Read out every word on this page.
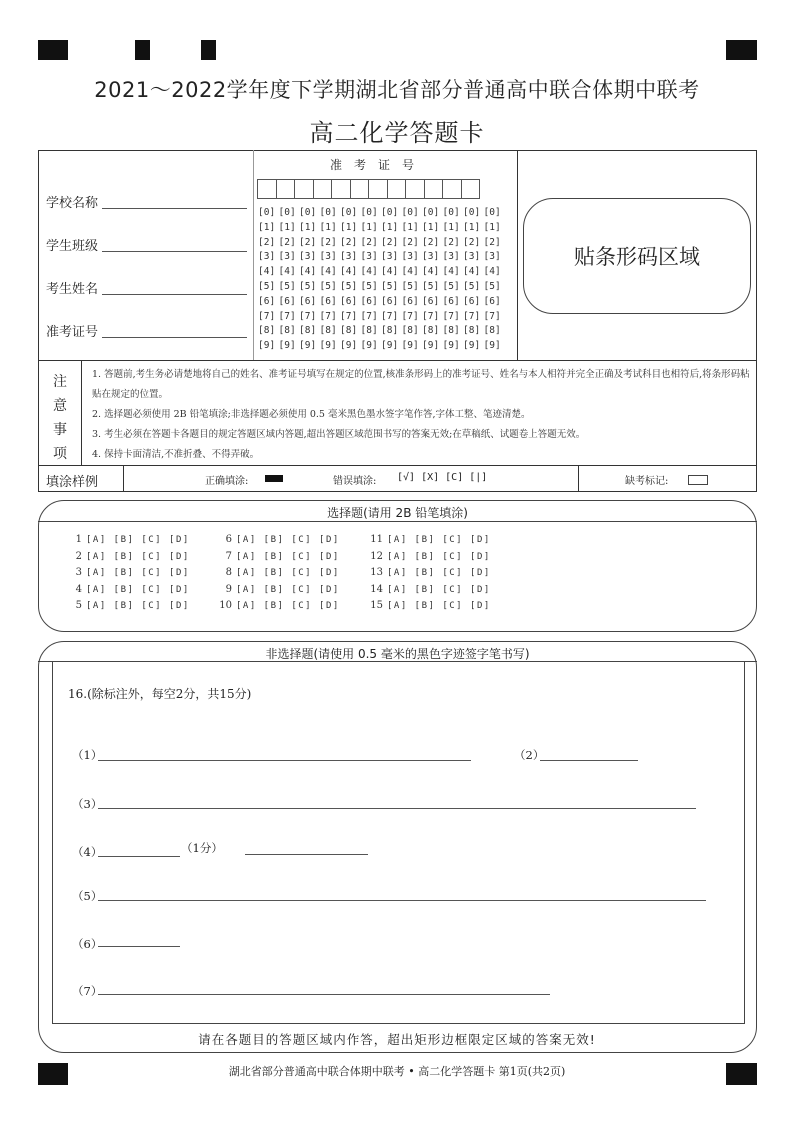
2021～2022学年度下学期湖北省部分普通高中联合体期中联考
高二化学答题卡
学校名称
学生班级
考生姓名
准考证号
准　考　证　号
[0] [0] [0] [0] [0] [0] [0] [0] [0] [0] [0] [0]
[1] [1] [1] [1] [1] [1] [1] [1] [1] [1] [1] [1]
[2] [2] [2] [2] [2] [2] [2] [2] [2] [2] [2] [2]
[3] [3] [3] [3] [3] [3] [3] [3] [3] [3] [3] [3]
[4] [4] [4] [4] [4] [4] [4] [4] [4] [4] [4] [4]
[5] [5] [5] [5] [5] [5] [5] [5] [5] [5] [5] [5]
[6] [6] [6] [6] [6] [6] [6] [6] [6] [6] [6] [6]
[7] [7] [7] [7] [7] [7] [7] [7] [7] [7] [7] [7]
[8] [8] [8] [8] [8] [8] [8] [8] [8] [8] [8] [8]
[9] [9] [9] [9] [9] [9] [9] [9] [9] [9] [9] [9]
贴条形码区域
注
意
事
项
1. 答题前,考生务必请楚地将自己的姓名、准考证号填写在规定的位置,核准条形码上的准考证号、姓名与本人相符并完全正确及考试科目也相符后,将条形码粘贴在规定的位置。
2. 选择题必须使用 2B 铅笔填涂;非选择题必须使用 0.5 毫米黑色墨水签字笔作答,字体工整、笔迹清楚。
3. 考生必须在答题卡各题目的规定答题区域内答题,超出答题区域范围书写的答案无效;在草稿纸、试题卷上答题无效。
4. 保持卡面清洁,不准折叠、不得弄破。
填涂样例	正确填涂:	错误填涂: [√] [X] [C] [|]	缺考标记:
选择题(请用 2B 铅笔填涂)
1 [A] [B] [C] [D]
2 [A] [B] [C] [D]
3 [A] [B] [C] [D]
4 [A] [B] [C] [D]
5 [A] [B] [C] [D]
6 [A] [B] [C] [D]
7 [A] [B] [C] [D]
8 [A] [B] [C] [D]
9 [A] [B] [C] [D]
10 [A] [B] [C] [D]
11 [A] [B] [C] [D]
12 [A] [B] [C] [D]
13 [A] [B] [C] [D]
14 [A] [B] [C] [D]
15 [A] [B] [C] [D]
非选择题(请使用 0.5 毫米的黑色字迹签字笔书写)
16.(除标注外，每空2分，共15分)
（1）	（2）
（3）
（4）	（1分）
（5）
（6）
（7）
请在各题目的答题区域内作答，超出矩形边框限定区域的答案无效!
湖北省部分普通高中联合体期中联考 • 高二化学答题卡 第1页(共2页)
